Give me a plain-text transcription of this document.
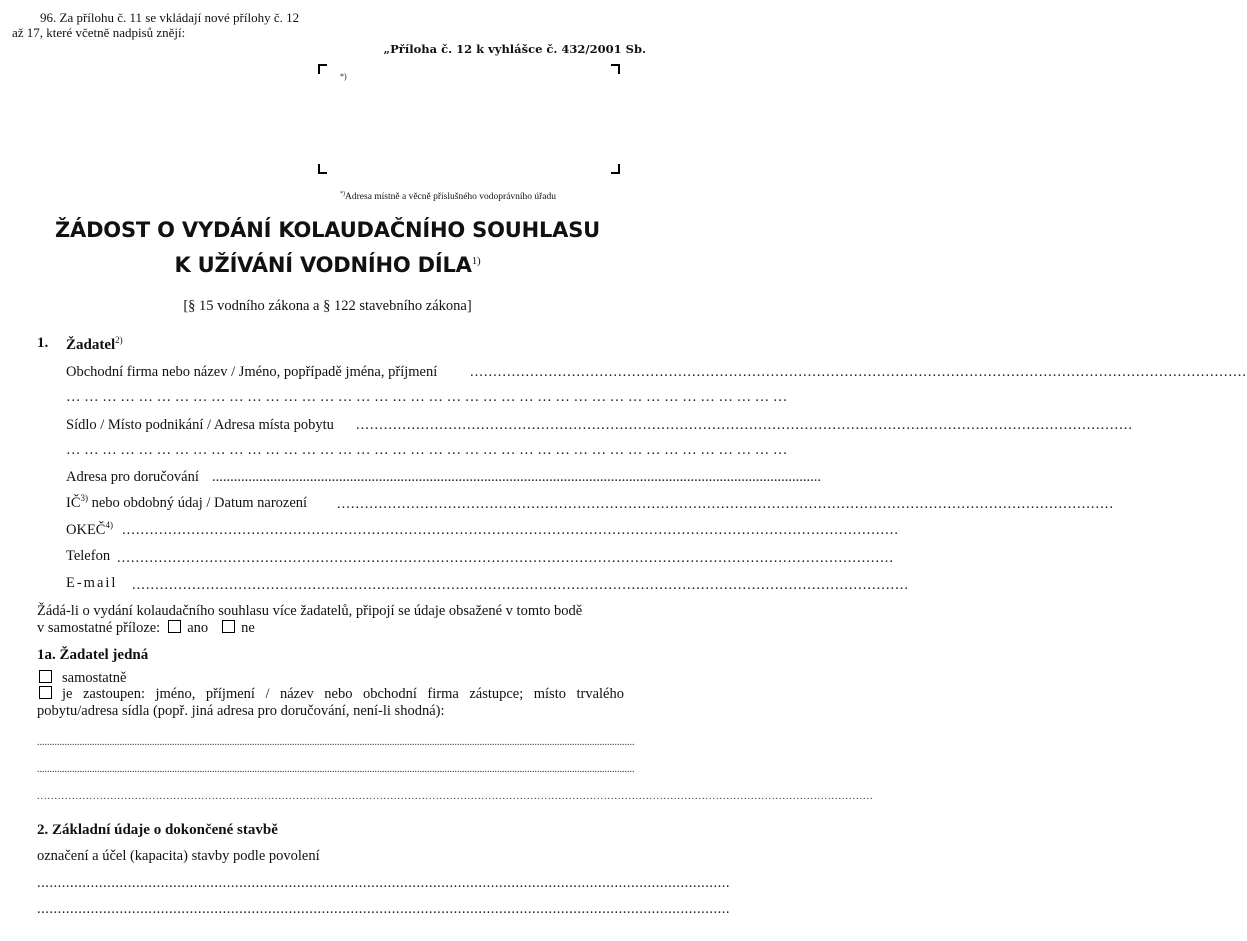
96. Za přílohu č. 11 se vkládají nové přílohy č. 12
až 17, které včetně nadpisů znějí:
„Příloha č. 12 k vyhlášce č. 432/2001 Sb.
*)
*)Adresa místně a věcně příslušného vodoprávního úřadu
ŽÁDOST O VYDÁNÍ KOLAUDAČNÍHO SOUHLASU
K UŽÍVÁNÍ VODNÍHO DÍLA$^{1)}$
[§ 15 vodního zákona a § 122 stavebního zákona]
1. Žadatel$^{2)}$
Obchodní firma nebo název / Jméno, popřípadě jména, příjmení ........................................................................................................................................................................
… … … … … … … … … … … … … … … … … … … … … … … … … … … … … … … … … … … … … … … …
Sídlo / Místo podnikání / Adresa místa pobytu ........................................................................................................................................................................
… … … … … … … … … … … … … … … … … … … … … … … … … … … … … … … … … … … … … … … …
Adresa pro doručování ........................................................................................................................................................................
IČ$^{3)}$ nebo obdobný údaj / Datum narození ........................................................................................................................................................................
OKEČ$^{4)}$ ........................................................................................................................................................................
Telefon ........................................................................................................................................................................
E-mail ........................................................................................................................................................................
Žádá-li o vydání kolaudačního souhlasu více žadatelů, připojí se údaje obsažené v tomto bodě
v samostatné příloze: ano ne
1a. Žadatel jedná
samostatně
je zastoupen: jméno, příjmení / název nebo obchodní firma zástupce; místo trvalého pobytu/adresa sídla (popř. jiná adresa pro doručování, není-li shodná):
...............................................................................................................................................................................................................................................
...............................................................................................................................................................................................................................................
...............................................................................................................................................................................................................................................
2. Základní údaje o dokončené stavbě
označení a účel (kapacita) stavby podle povolení
........................................................................................................................................................................
........................................................................................................................................................................
